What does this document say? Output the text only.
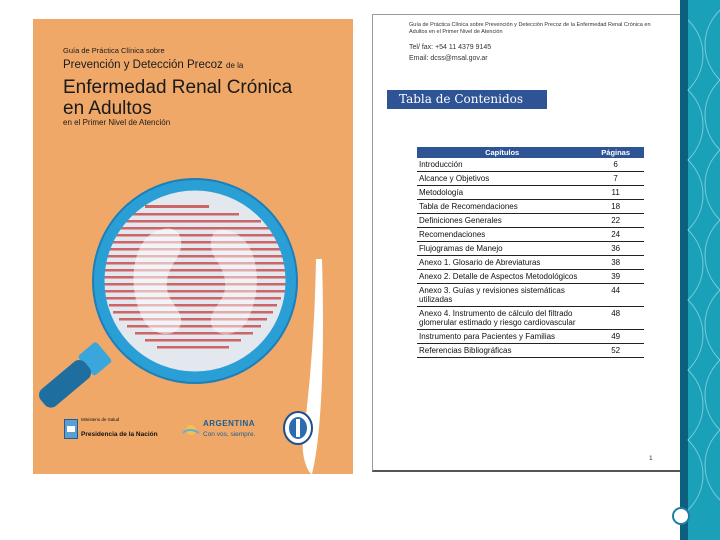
Guía de Práctica Clínica sobre
Prevención y Detección Precoz de la
Enfermedad Renal Crónica
en Adultos
en el Primer Nivel de Atención
Ministerio de Salud
Presidencia de la Nación
ARGENTINA
Con vos, siempre.
Guía de Práctica Clínica sobre Prevención y Detección Precoz de la Enfermedad Renal Crónica en
Adultos en el Primer Nivel de Atención
Tel/ fax: +54 11 4379 9145
Email: dcss@msal.gov.ar
Tabla de Contenidos
Capítulos	Páginas
Introducción	6
Alcance y Objetivos	7
Metodología	11
Tabla de Recomendaciones	18
Definiciones Generales	22
Recomendaciones	24
Flujogramas de Manejo	36
Anexo 1. Glosario de Abreviaturas	38
Anexo 2. Detalle de Aspectos Metodológicos	39
Anexo 3. Guías y revisiones sistemáticas utilizadas	44
Anexo 4. Instrumento de cálculo del filtrado glomerular estimado y riesgo cardiovascular	48
Instrumento para Pacientes y Familias	49
Referencias Bibliográficas	52
1
